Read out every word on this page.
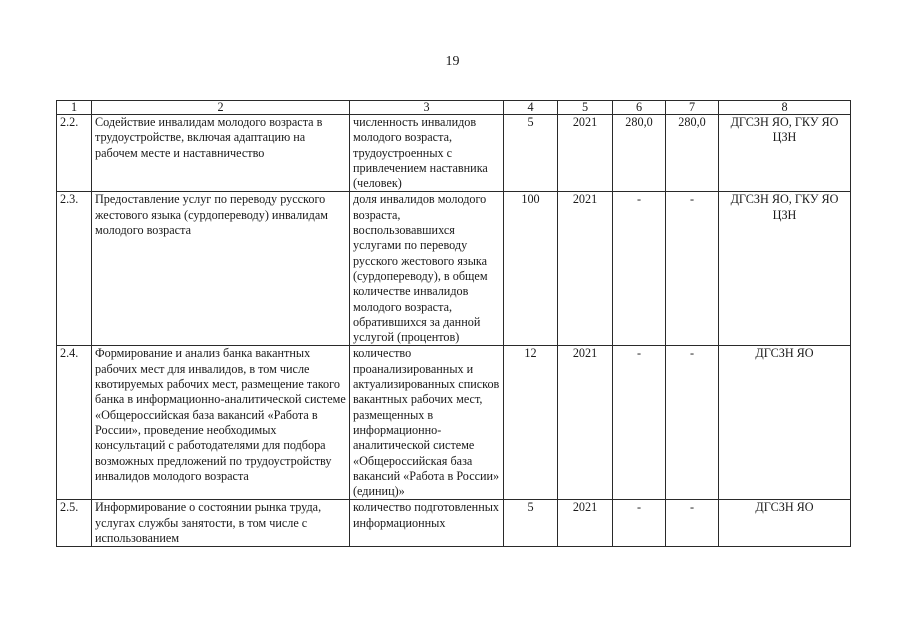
19
1	2	3	4	5	6	7	8
2.2.	Содействие инвалидам молодого возраста в трудоустройстве, включая адаптацию на рабочем месте и наставничество	численность инвалидов молодого возраста, трудоустроенных с привлечением наставника (человек)	5	2021	280,0	280,0	ДГСЗН ЯО, ГКУ ЯО ЦЗН
2.3.	Предоставление услуг по переводу русского жестового языка (сурдопереводу) инвалидам молодого возраста	доля инвалидов молодого возраста, воспользовавшихся услугами по переводу русского жестового языка (сурдопереводу), в общем количестве инвалидов молодого возраста, обратившихся за данной услугой (процентов)	100	2021	-	-	ДГСЗН ЯО, ГКУ ЯО ЦЗН
2.4.	Формирование и анализ банка вакантных рабочих мест для инвалидов, в том числе квотируемых рабочих мест, размещение такого банка в информационно-аналитической системе «Общероссийская база вакансий «Работа в России», проведение необходимых консультаций с работодателями для подбора возможных предложений по трудоустройству инвалидов молодого возраста	количество проанализированных и актуализированных списков вакантных рабочих мест, размещенных в информационно-аналитической системе «Общероссийская база вакансий «Работа в России» (единиц)»	12	2021	-	-	ДГСЗН ЯО
2.5.	Информирование о состоянии рынка труда, услугах службы занятости, в том числе с использованием	количество подготовленных информационных	5	2021	-	-	ДГСЗН ЯО
